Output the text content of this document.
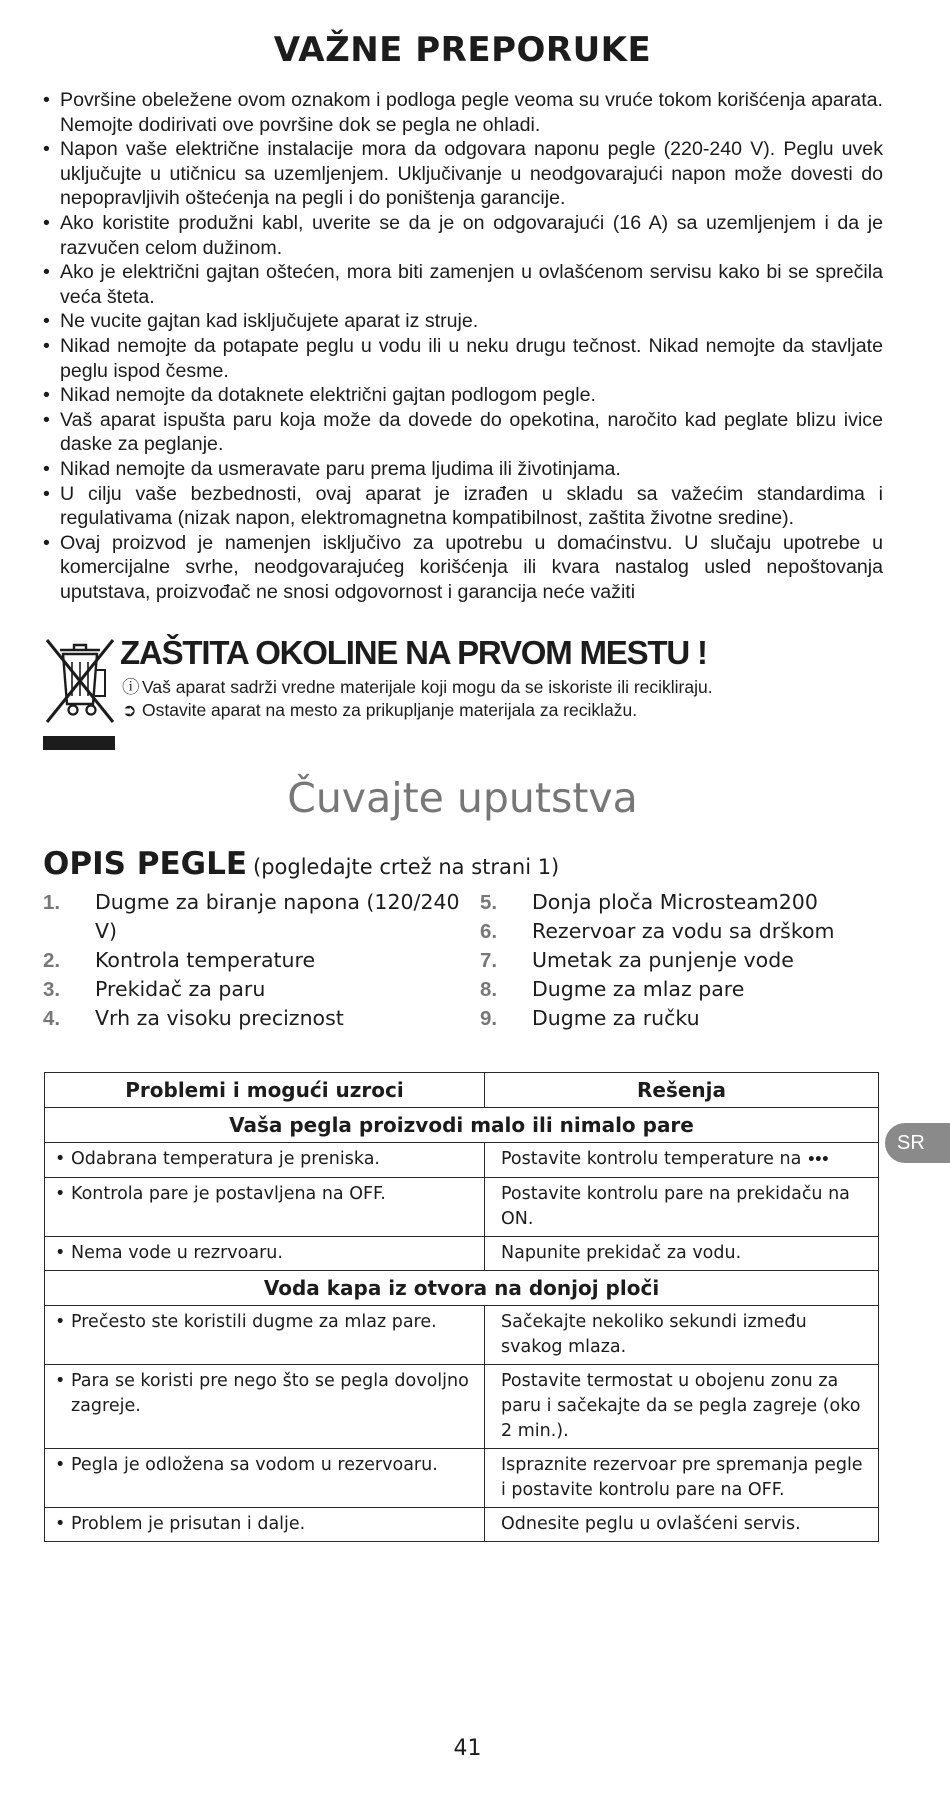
VAŽNE PREPORUKE
• Površine obeležene ovom oznakom i podloga pegle veoma su vruće tokom korišćenja aparata. Nemojte dodirivati ove površine dok se pegla ne ohladi.
• Napon vaše električne instalacije mora da odgovara naponu pegle (220-240 V). Peglu uvek uključujte u utičnicu sa uzemljenjem. Uključivanje u neodgovarajući napon može dovesti do nepopravljivih oštećenja na pegli i do poništenja garancije.
• Ako koristite produžni kabl, uverite se da je on odgovarajući (16 A) sa uzemljenjem i da je razvučen celom dužinom.
• Ako je električni gajtan oštećen, mora biti zamenjen u ovlašćenom servisu kako bi se sprečila veća šteta.
• Ne vucite gajtan kad isključujete aparat iz struje.
• Nikad nemojte da potapate peglu u vodu ili u neku drugu tečnost. Nikad nemojte da stavljate peglu ispod česme.
• Nikad nemojte da dotaknete električni gajtan podlogom pegle.
• Vaš aparat ispušta paru koja može da dovede do opekotina, naročito kad peglate blizu ivice daske za peglanje.
• Nikad nemojte da usmeravate paru prema ljudima ili životinjama.
• U cilju vaše bezbednosti, ovaj aparat je izrađen u skladu sa važećim standardima i regulativama (nizak napon, elektromagnetna kompatibilnost, zaštita životne sredine).
• Ovaj proizvod je namenjen isključivo za upotrebu u domaćinstvu. U slučaju upotrebe u komercijalne svrhe, neodgovarajućeg korišćenja ili kvara nastalog usled nepoštovanja uputstava, proizvođač ne snosi odgovornost i garancija neće važiti
ZAŠTITA OKOLINE NA PRVOM MESTU !
ⓘ Vaš aparat sadrži vredne materijale koji mogu da se iskoriste ili recikliraju.
➲ Ostavite aparat na mesto za prikupljanje materijala za reciklažu.
Čuvajte uputstva
OPIS PEGLE (pogledajte crtež na strani 1)
1. Dugme za biranje napona (120/240 V)
2. Kontrola temperature
3. Prekidač za paru
4. Vrh za visoku preciznost
5. Donja ploča Microsteam200
6. Rezervoar za vodu sa drškom
7. Umetak za punjenje vode
8. Dugme za mlaz pare
9. Dugme za ručku
Problemi i mogući uzroci	Rešenja
Vaša pegla proizvodi malo ili nimalo pare	
• Odabrana temperatura je preniska.	Postavite kontrolu temperature na •••
• Kontrola pare je postavljena na OFF.	Postavite kontrolu pare na prekidaču na ON.
• Nema vode u rezrvoaru.	Napunite prekidač za vodu.
Voda kapa iz otvora na donjoj ploči	
• Prečesto ste koristili dugme za mlaz pare.	Sačekajte nekoliko sekundi između svakog mlaza.
• Para se koristi pre nego što se pegla dovoljno zagreje.	Postavite termostat u obojenu zonu za paru i sačekajte da se pegla zagreje (oko 2 min.).
• Pegla je odložena sa vodom u rezervoaru.	Ispraznite rezervoar pre spremanja pegle i postavite kontrolu pare na OFF.
• Problem je prisutan i dalje.	Odnesite peglu u ovlašćeni servis.
SR
41
